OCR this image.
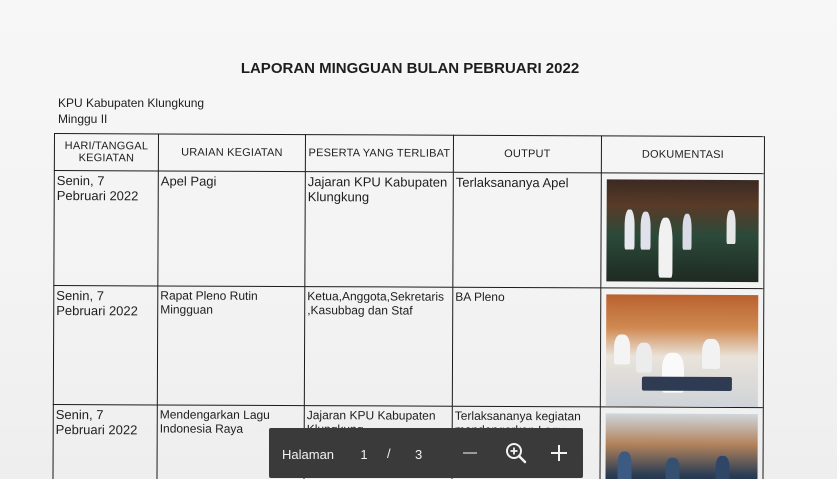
LAPORAN MINGGUAN BULAN PEBRUARI 2022
KPU Kabupaten Klungkung
Minggu II
HARI/TANGGAL KEGIATAN	URAIAN KEGIATAN	PESERTA YANG TERLIBAT	OUTPUT	DOKUMENTASI
Senin, 7 Pebruari 2022	Apel Pagi	Jajaran KPU Kabupaten Klungkung	Terlaksananya Apel	

Senin, 7 Pebruari 2022	Rapat Pleno Rutin Mingguan	Ketua,Anggota,Sekretaris ,Kasubbag dan Staf	BA Pleno	

Senin, 7 Pebruari 2022	Mendengarkan Lagu Indonesia Raya	Jajaran KPU Kabupaten	Terlaksananya kegiatan	
Halaman 1 / 3
